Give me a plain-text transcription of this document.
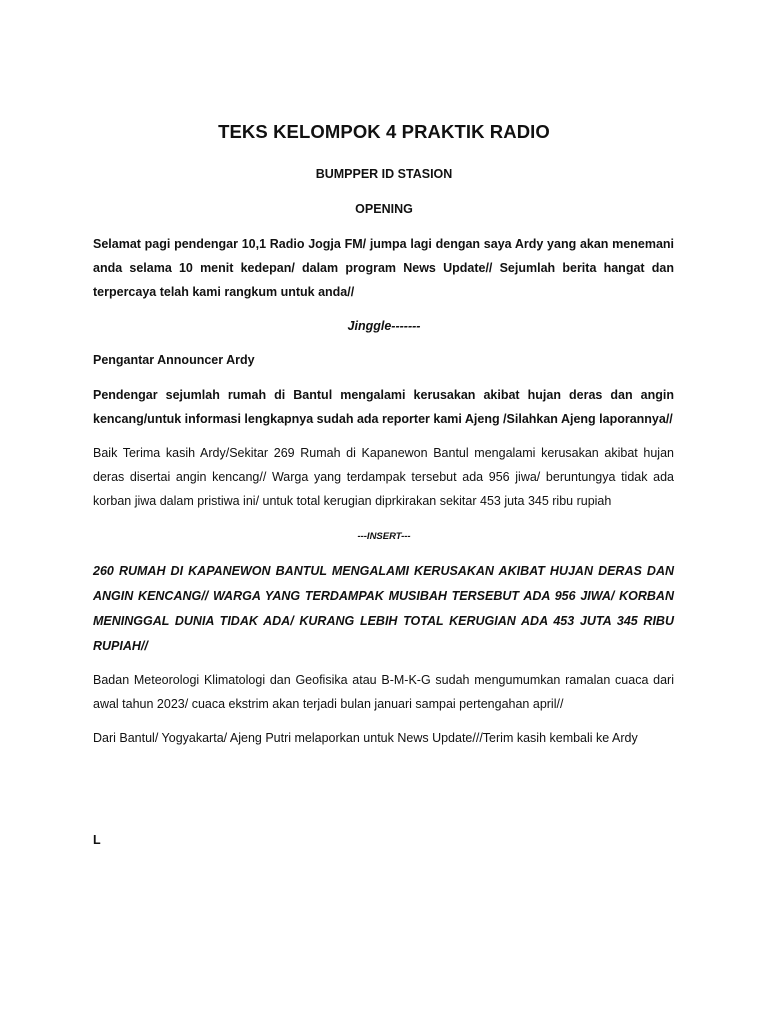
TEKS KELOMPOK 4 PRAKTIK RADIO
BUMPPER ID STASION
OPENING
Selamat pagi pendengar 10,1 Radio Jogja FM/ jumpa lagi dengan saya Ardy yang akan menemani anda selama 10 menit kedepan/ dalam program News Update// Sejumlah berita hangat dan terpercaya telah kami rangkum untuk anda//
Jinggle-------
Pengantar Announcer Ardy
Pendengar sejumlah rumah di Bantul mengalami kerusakan akibat hujan deras dan angin kencang/untuk informasi lengkapnya sudah ada reporter kami Ajeng /Silahkan Ajeng laporannya//
Baik Terima kasih Ardy/Sekitar 269 Rumah di Kapanewon Bantul mengalami kerusakan akibat hujan deras disertai angin kencang// Warga yang terdampak tersebut ada 956 jiwa/ beruntungya tidak ada korban jiwa dalam pristiwa ini/ untuk total kerugian diprkirakan sekitar 453 juta 345 ribu rupiah
---INSERT---
260 RUMAH DI KAPANEWON BANTUL MENGALAMI KERUSAKAN AKIBAT HUJAN DERAS DAN ANGIN KENCANG// WARGA YANG TERDAMPAK MUSIBAH TERSEBUT ADA 956 JIWA/ KORBAN MENINGGAL DUNIA TIDAK ADA/ KURANG LEBIH TOTAL KERUGIAN ADA 453 JUTA 345 RIBU RUPIAH//
Badan Meteorologi Klimatologi dan Geofisika atau B-M-K-G sudah mengumumkan ramalan cuaca dari awal tahun 2023/ cuaca ekstrim akan terjadi bulan januari sampai pertengahan april//
Dari Bantul/ Yogyakarta/ Ajeng Putri melaporkan untuk News Update///Terim kasih kembali ke Ardy
L
